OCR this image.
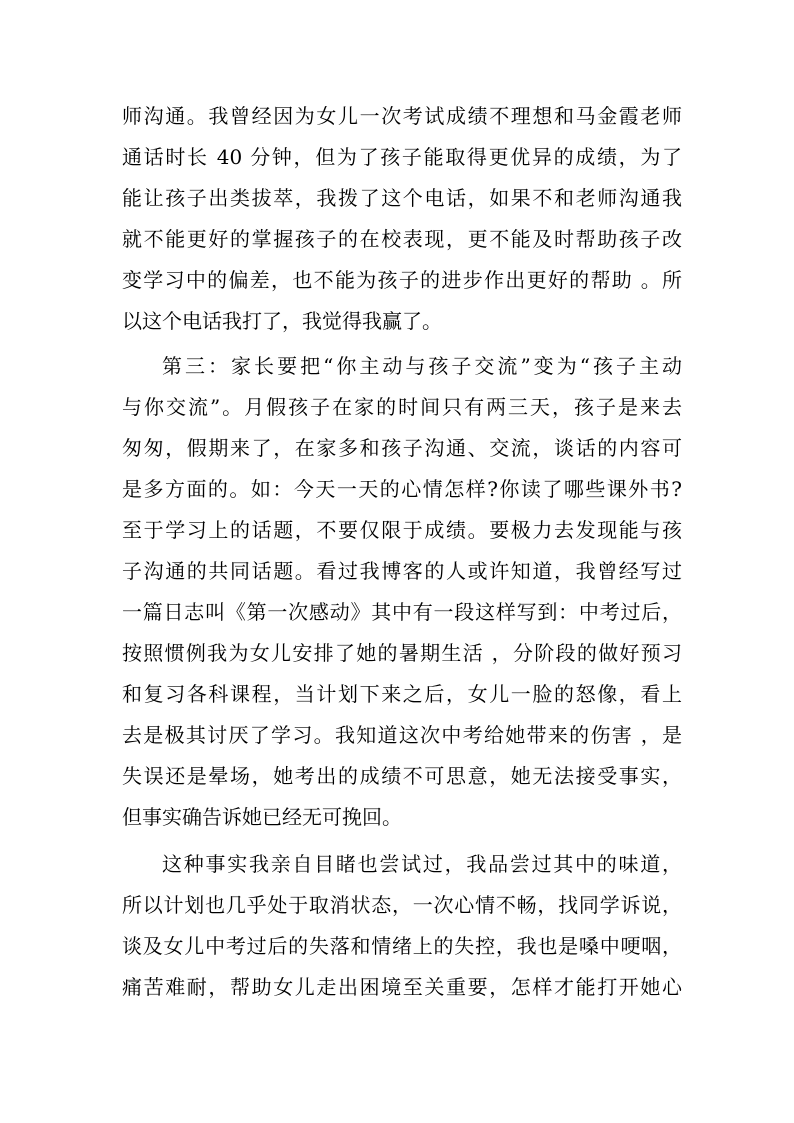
师沟通。我曾经因为女儿一次考试成绩不理想和马金霞老师
通话时长 40 分钟，但为了孩子能取得更优异的成绩，为了
能让孩子出类拔萃，我拨了这个电话，如果不和老师沟通我
就不能更好的掌握孩子的在校表现，更不能及时帮助孩子改
变学习中的偏差，也不能为孩子的进步作出更好的帮助 。所
以这个电话我打了，我觉得我赢了。
第三：家长要把“你主动与孩子交流”变为“孩子主动
与你交流”。月假孩子在家的时间只有两三天，孩子是来去
匆匆，假期来了，在家多和孩子沟通、交流，谈话的内容可
是多方面的。如：今天一天的心情怎样?你读了哪些课外书?
至于学习上的话题，不要仅限于成绩。要极力去发现能与孩
子沟通的共同话题。看过我博客的人或许知道，我曾经写过
一篇日志叫《第一次感动》其中有一段这样写到：中考过后，
按照惯例我为女儿安排了她的暑期生活 ，分阶段的做好预习
和复习各科课程，当计划下来之后，女儿一脸的怒像，看上
去是极其讨厌了学习。我知道这次中考给她带来的伤害 ，是
失误还是晕场，她考出的成绩不可思意，她无法接受事实，
但事实确告诉她已经无可挽回。
这种事实我亲自目睹也尝试过，我品尝过其中的味道，
所以计划也几乎处于取消状态，一次心情不畅，找同学诉说，
谈及女儿中考过后的失落和情绪上的失控，我也是嗓中哽咽，
痛苦难耐，帮助女儿走出困境至关重要，怎样才能打开她心
